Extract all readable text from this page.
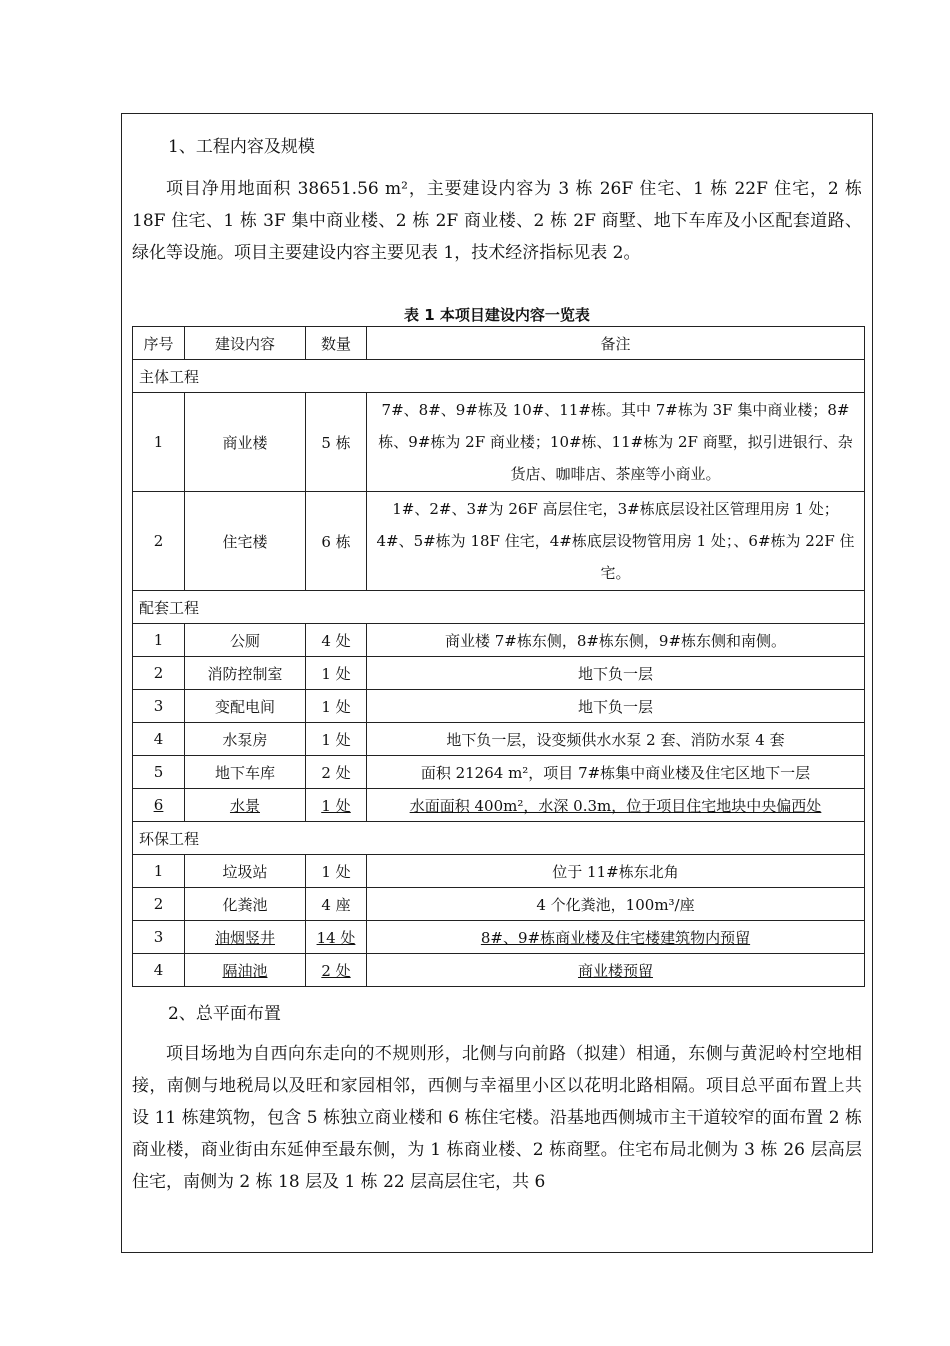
1、工程内容及规模
项目净用地面积 38651.56 m²，主要建设内容为 3 栋 26F 住宅、1 栋 22F 住宅，2 栋 18F 住宅、1 栋 3F 集中商业楼、2 栋 2F 商业楼、2 栋 2F 商墅、地下车库及小区配套道路、绿化等设施。项目主要建设内容主要见表 1，技术经济指标见表 2。
表 1 本项目建设内容一览表
序号	建设内容	数量	备注
主体工程			
1	商业楼	5 栋	7#、8#、9#栋及 10#、11#栋。其中 7#栋为 3F 集中商业楼；8#栋、9#栋为 2F 商业楼；10#栋、11#栋为 2F 商墅，拟引进银行、杂货店、咖啡店、茶座等小商业。
2	住宅楼	6 栋	1#、2#、3#为 26F 高层住宅，3#栋底层设社区管理用房 1 处；4#、5#栋为 18F 住宅，4#栋底层设物管用房 1 处；、6#栋为 22F 住宅。
配套工程			
1	公厕	4 处	商业楼 7#栋东侧，8#栋东侧，9#栋东侧和南侧。
2	消防控制室	1 处	地下负一层
3	变配电间	1 处	地下负一层
4	水泵房	1 处	地下负一层，设变频供水水泵 2 套、消防水泵 4 套
5	地下车库	2 处	面积 21264 m²，项目 7#栋集中商业楼及住宅区地下一层
6	水景	1 处	水面面积 400m²，水深 0.3m，位于项目住宅地块中央偏西处
环保工程			
1	垃圾站	1 处	位于 11#栋东北角
2	化粪池	4 座	4 个化粪池，100m³/座
3	油烟竖井	14 处	8#、9#栋商业楼及住宅楼建筑物内预留
4	隔油池	2 处	商业楼预留
2、总平面布置
项目场地为自西向东走向的不规则形，北侧与向前路（拟建）相通，东侧与黄泥岭村空地相接，南侧与地税局以及旺和家园相邻，西侧与幸福里小区以花明北路相隔。项目总平面布置上共设 11 栋建筑物，包含 5 栋独立商业楼和 6 栋住宅楼。沿基地西侧城市主干道较窄的面布置 2 栋商业楼，商业街由东延伸至最东侧，为 1 栋商业楼、2 栋商墅。住宅布局北侧为 3 栋 26 层高层住宅，南侧为 2 栋 18 层及 1 栋 22 层高层住宅，共 6
